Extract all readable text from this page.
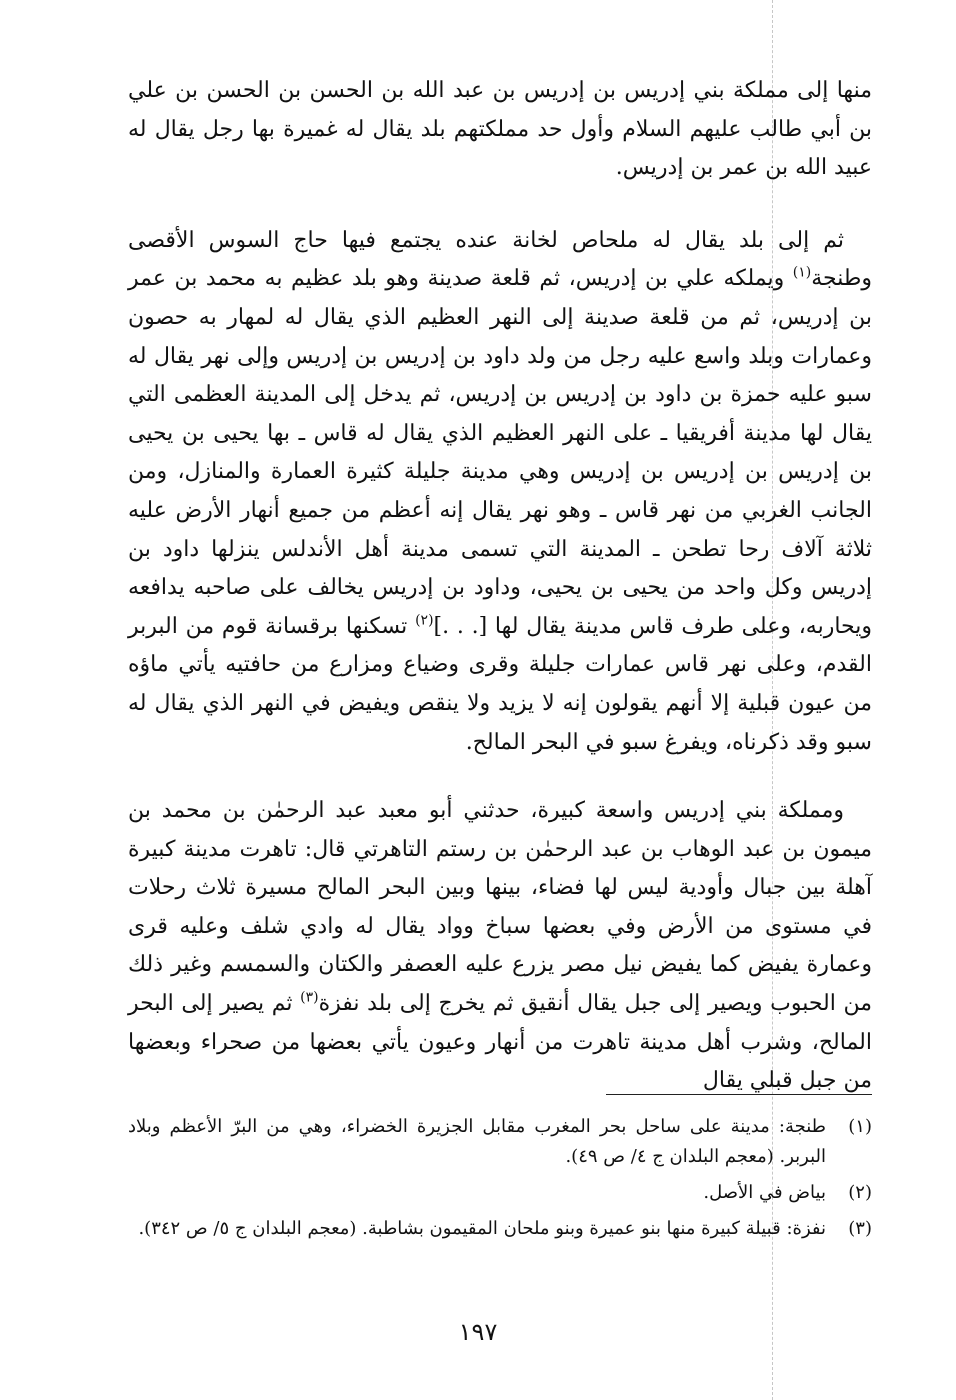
منها إلى مملكة بني إدريس بن إدريس بن عبد الله بن الحسن بن الحسن بن علي بن أبي طالب عليهم السلام وأول حد مملكتهم بلد يقال له غميرة بها رجل يقال له عبيد الله بن عمر بن إدريس.

ثم إلى بلد يقال له ملحاص لخانة عنده يجتمع فيها حاج السوس الأقصى وطنجة$^{(١)}$ ويملكه علي بن إدريس، ثم قلعة صدينة وهو بلد عظيم به محمد بن عمر بن إدريس، ثم من قلعة صدينة إلى النهر العظيم الذي يقال له لمهار به حصون وعمارات وبلد واسع عليه رجل من ولد داود بن إدريس بن إدريس وإلى نهر يقال له سبو عليه حمزة بن داود بن إدريس بن إدريس، ثم يدخل إلى المدينة العظمى التي يقال لها مدينة أفريقيا ـ على النهر العظيم الذي يقال له قاس ـ بها يحيى بن يحيى بن إدريس بن إدريس بن إدريس وهي مدينة جليلة كثيرة العمارة والمنازل، ومن الجانب الغربي من نهر قاس ـ وهو نهر يقال إنه أعظم من جميع أنهار الأرض عليه ثلاثة آلاف رحا تطحن ـ المدينة التي تسمى مدينة أهل الأندلس ينزلها داود بن إدريس وكل واحد من يحيى بن يحيى، وداود بن إدريس يخالف على صاحبه يدافعه ويحاربه، وعلى طرف قاس مدينة يقال لها [. . .]$^{(٢)}$ تسكنها برقسانة قوم من البربر القدم، وعلى نهر قاس عمارات جليلة وقرى وضياع ومزارع من حافتيه يأتي ماؤه من عيون قبلية إلا أنهم يقولون إنه لا يزيد ولا ينقص ويفيض في النهر الذي يقال له سبو وقد ذكرناه، ويفرغ سبو في البحر المالح.

ومملكة بني إدريس واسعة كبيرة، حدثني أبو معبد عبد الرحمٰن بن محمد بن ميمون بن عبد الوهاب بن عبد الرحمٰن بن رستم التاهرتي قال: تاهرت مدينة كبيرة آهلة بين جبال وأودية ليس لها فضاء، بينها وبين البحر المالح مسيرة ثلاث رحلات في مستوى من الأرض وفي بعضها سباخ وواد يقال له وادي شلف وعليه قرى وعمارة يفيض كما يفيض نيل مصر يزرع عليه العصفر والكتان والسمسم وغير ذلك من الحبوب ويصير إلى جبل يقال أنقيق ثم يخرج إلى بلد نفزة$^{(٣)}$ ثم يصير إلى البحر المالح، وشرب أهل مدينة تاهرت من أنهار وعيون يأتي بعضها من صحراء وبعضها من جبل قبلي يقال

(١)
طنجة: مدينة على ساحل بحر المغرب مقابل الجزيرة الخضراء، وهي من البرّ الأعظم وبلاد البربر. (معجم البلدان ج ٤/ ص ٤٩).
(٢)
بياض في الأصل.
(٣)
نفزة: قبيلة كبيرة منها بنو عميرة وبنو ملحان المقيمون بشاطبة. (معجم البلدان ج ٥/ ص ٣٤٢).
١٩٧
